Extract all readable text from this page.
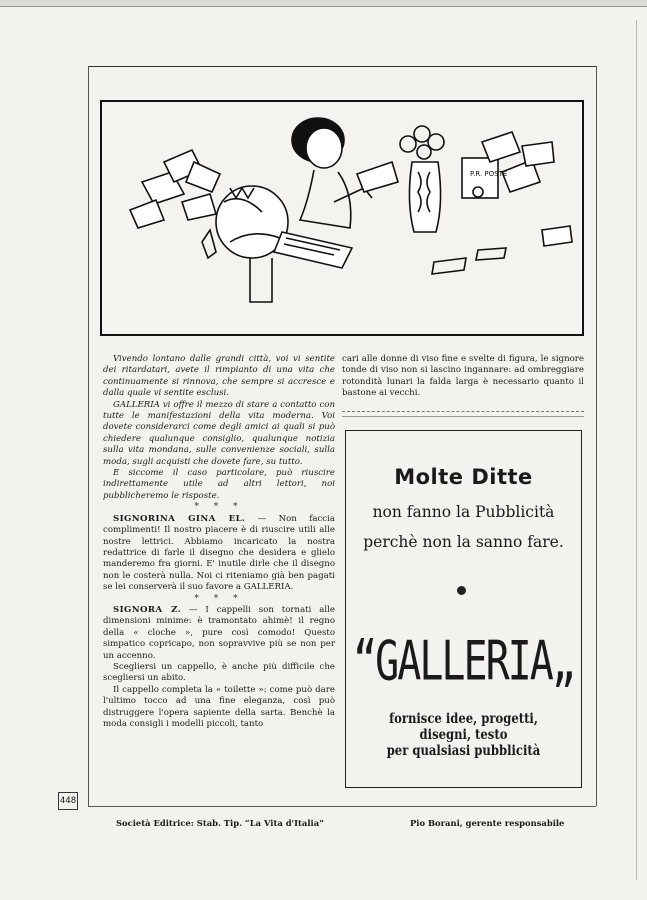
P.R. POSTE

Vivendo lontano dalle grandi città, voi vi sentite dei ritardatari, avete il rimpianto di una vita che continuamente si rinnova, che sempre si accresce e dalla quale vi sentite esclusi.

GALLERIA vi offre il mezzo di stare a contatto con tutte le manifestazioni della vita moderna. Voi dovete considerarci come degli amici ai quali si può chiedere qualunque consiglio, qualunque notizia sulla vita mondana, sulle convenienze sociali, sulla moda, sugli acquisti che dovete fare, su tutto.

E siccome il caso particolare, può riuscire indirettamente utile ad altri lettori, noi pubblicheremo le risposte.

* * *

SIGNORINA GINA EL. — Non faccia complimenti! Il nostro piacere è di riuscire utili alle nostre lettrici. Abbiamo incaricato la nostra redattrice di farle il disegno che desidera e glielo manderemo fra giorni. E' inutile dirle che il disegno non le costerà nulla. Noi ci riteniamo già ben pagati se lei conserverà il suo favore a GALLERIA.

* * *

SIGNORA Z. — I cappelli son tornati alle dimensioni minime: è tramontato ahimè! il regno della « cloche », pure così comodo! Questo simpatico copricapo, non sopravvive più se non per un accenno.

Scegliersi un cappello, è anche più difficile che scegliersi un abito.

Il cappello completa la « toilette »: come può dare l'ultimo tocco ad una fine eleganza, così può distruggere l'opera sapiente della sarta. Benchè la moda consigli i modelli piccoli, tanto

cari alle donne di viso fine e svelte di figura, le signore tonde di viso non si lascino ingannare: ad ombreggiare rotondità lunari la falda larga è necessario quanto il bastone ai vecchi.

Molte Ditte
non fanno la Pubblicità
perchè non la sanno fare.
“GALLERIA„
fornisce idee, progetti, disegni, testo
per qualsiasi pubblicità
448
Società Editrice: Stab. Tip. “La Vita d'Italia”	Pio Borani, gerente responsabile
